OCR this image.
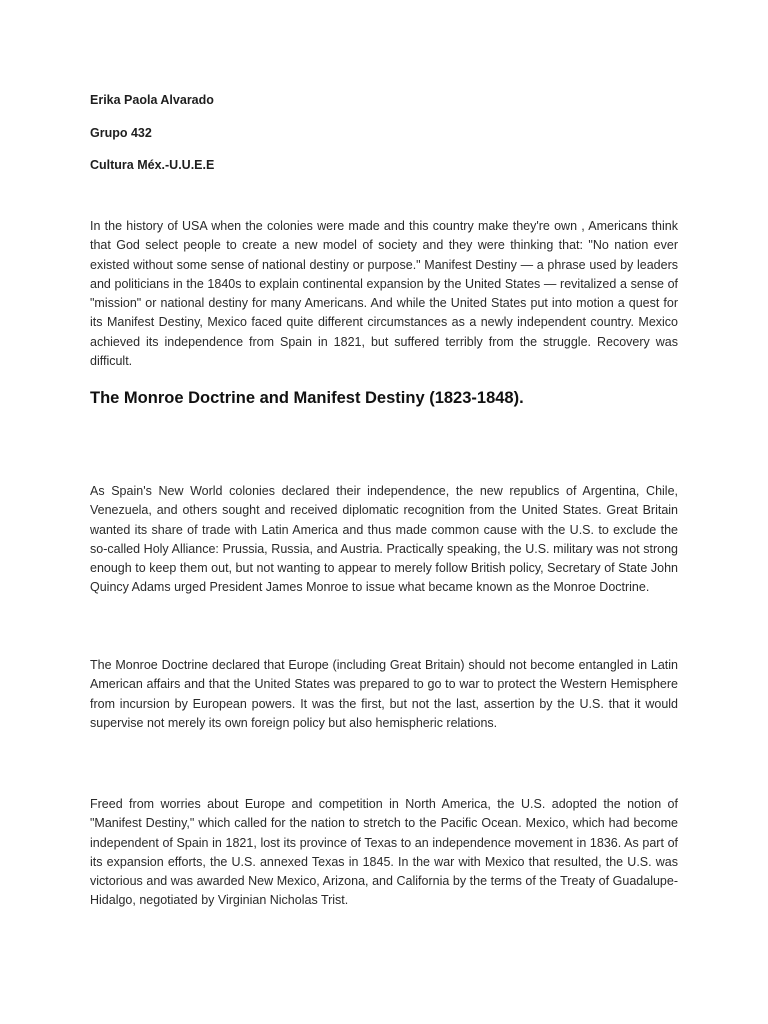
Erika Paola Alvarado
Grupo 432
Cultura Méx.-U.U.E.E

In the history of USA when the colonies were made and this country make they're own , Americans think that God select people to create a new model of society and they were thinking that: "No nation ever existed without some sense of national destiny or purpose." Manifest Destiny — a phrase used by leaders and politicians in the 1840s to explain continental expansion by the United States — revitalized a sense of "mission" or national destiny for many Americans. And while the United States put into motion a quest for its Manifest Destiny, Mexico faced quite different circumstances as a newly independent country. Mexico achieved its independence from Spain in 1821, but suffered terribly from the struggle. Recovery was difficult.

The Monroe Doctrine and Manifest Destiny (1823-1848).

As Spain's New World colonies declared their independence, the new republics of Argentina, Chile, Venezuela, and others sought and received diplomatic recognition from the United States. Great Britain wanted its share of trade with Latin America and thus made common cause with the U.S. to exclude the so-called Holy Alliance: Prussia, Russia, and Austria. Practically speaking, the U.S. military was not strong enough to keep them out, but not wanting to appear to merely follow British policy, Secretary of State John Quincy Adams urged President James Monroe to issue what became known as the Monroe Doctrine.

The Monroe Doctrine declared that Europe (including Great Britain) should not become entangled in Latin American affairs and that the United States was prepared to go to war to protect the Western Hemisphere from incursion by European powers. It was the first, but not the last, assertion by the U.S. that it would supervise not merely its own foreign policy but also hemispheric relations.

Freed from worries about Europe and competition in North America, the U.S. adopted the notion of "Manifest Destiny," which called for the nation to stretch to the Pacific Ocean. Mexico, which had become independent of Spain in 1821, lost its province of Texas to an independence movement in 1836. As part of its expansion efforts, the U.S. annexed Texas in 1845. In the war with Mexico that resulted, the U.S. was victorious and was awarded New Mexico, Arizona, and California by the terms of the Treaty of Guadalupe-Hidalgo, negotiated by Virginian Nicholas Trist.
